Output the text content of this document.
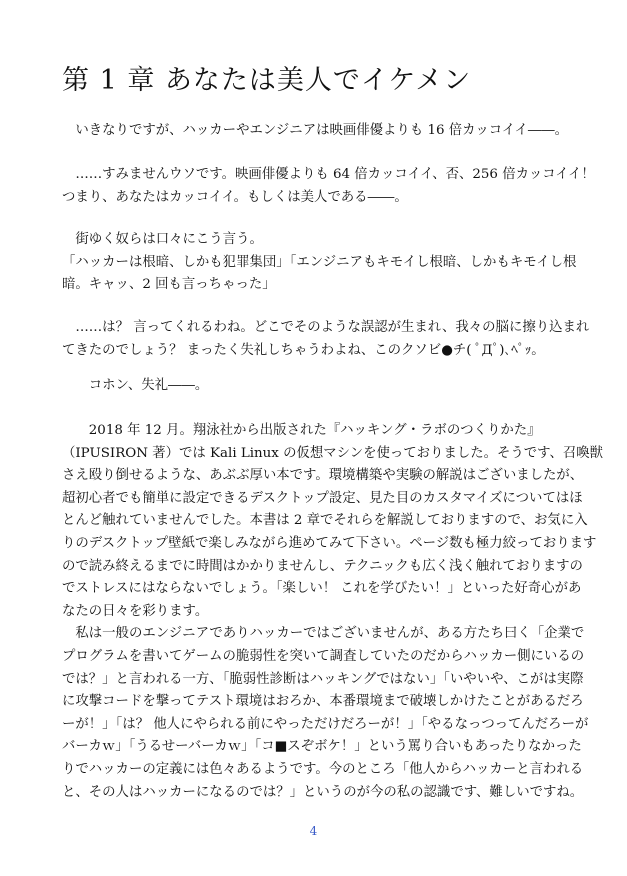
第 1 章 あなたは美人でイケメン

　いきなりですが、ハッカーやエンジニアは映画俳優よりも 16 倍カッコイイ――。

　……すみませんウソです。映画俳優よりも 64 倍カッコイイ、否、256 倍カッコイイ！
つまり、あなたはカッコイイ。もしくは美人である――。

　街ゆく奴らは口々にこう言う。
「ハッカーは根暗、しかも犯罪集団」「エンジニアもキモイし根暗、しかもキモイし根
暗。キャッ、2 回も言っちゃった」

　……は？ 言ってくれるわね。どこでそのような誤認が生まれ、我々の脳に擦り込まれ
てきたのでしょう？ まったく失礼しちゃうわよね、このクソビ●チ( ﾟДﾟ)､ﾍﾟｯ。

　　コホン、失礼――。

　　2018 年 12 月。翔泳社から出版された『ハッキング・ラボのつくりかた』
（IPUSIRON 著）では Kali Linux の仮想マシンを使っておりました。そうです、召喚獣
さえ殴り倒せるような、あぶぶ厚い本です。環境構築や実験の解説はございましたが、
超初心者でも簡単に設定できるデスクトップ設定、見た目のカスタマイズについてはほ
とんど触れていませんでした。本書は 2 章でそれらを解説しておりますので、お気に入
りのデスクトップ壁紙で楽しみながら進めてみて下さい。ページ数も極力絞っております
ので読み終えるまでに時間はかかりませんし、テクニックも広く浅く触れておりますの
でストレスにはならないでしょう。「楽しい！ これを学びたい！」といった好奇心があ
なたの日々を彩ります。
　私は一般のエンジニアでありハッカーではございませんが、ある方たち曰く「企業で
プログラムを書いてゲームの脆弱性を突いて調査していたのだからハッカー側にいるの
では？」と言われる一方、「脆弱性診断はハッキングではない」「いやいや、こがは実際
に攻撃コードを撃ってテスト環境はおろか、本番環境まで破壊しかけたことがあるだろ
ーが！」「は？ 他人にやられる前にやっただけだろーが！」「やるなっつってんだろーが
バーカｗ」「うるせーバーカｗ」「コ■スぞボケ！」という罵り合いもあったりなかった
りでハッカーの定義には色々あるようです。今のところ「他人からハッカーと言われる
と、その人はハッカーになるのでは？」というのが今の私の認識です、難しいですね。

4
